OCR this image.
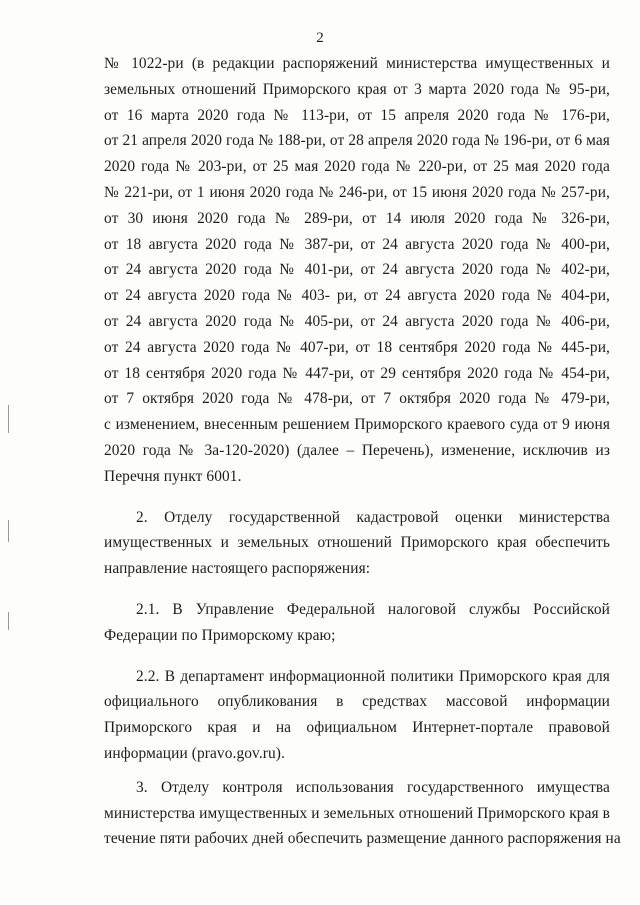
2
№ 1022-ри (в редакции распоряжений министерства имущественных и
земельных отношений Приморского края от 3 марта 2020 года № 95-ри,
от 16 марта 2020 года № 113-ри, от 15 апреля 2020 года № 176-ри,
от 21 апреля 2020 года № 188-ри, от 28 апреля 2020 года № 196-ри, от 6 мая
2020 года № 203-ри, от 25 мая 2020 года № 220-ри, от 25 мая 2020 года
№ 221-ри, от 1 июня 2020 года № 246-ри, от 15 июня 2020 года № 257-ри,
от 30 июня 2020 года № 289-ри, от 14 июля 2020 года № 326-ри,
от 18 августа 2020 года № 387-ри, от 24 августа 2020 года № 400-ри,
от 24 августа 2020 года № 401-ри, от 24 августа 2020 года № 402-ри,
от 24 августа 2020 года № 403- ри, от 24 августа 2020 года № 404-ри,
от 24 августа 2020 года № 405-ри, от 24 августа 2020 года № 406-ри,
от 24 августа 2020 года № 407-ри, от 18 сентября 2020 года № 445-ри,
от 18 сентября 2020 года № 447-ри, от 29 сентября 2020 года № 454-ри,
от 7 октября 2020 года № 478-ри, от 7 октября 2020 года № 479-ри,
с изменением, внесенным решением Приморского краевого суда от 9 июня
2020 года № 3а-120-2020) (далее – Перечень), изменение, исключив из
Перечня пункт 6001.
2. Отделу государственной кадастровой оценки министерства
имущественных и земельных отношений Приморского края обеспечить
направление настоящего распоряжения:
2.1. В Управление Федеральной налоговой службы Российской
Федерации по Приморскому краю;
2.2. В департамент информационной политики Приморского края для
официального опубликования в средствах массовой информации
Приморского края и на официальном Интернет-портале правовой
информации (pravo.gov.ru).
3. Отделу контроля использования государственного имущества
министерства имущественных и земельных отношений Приморского края в
течение пяти рабочих дней обеспечить размещение данного распоряжения на
